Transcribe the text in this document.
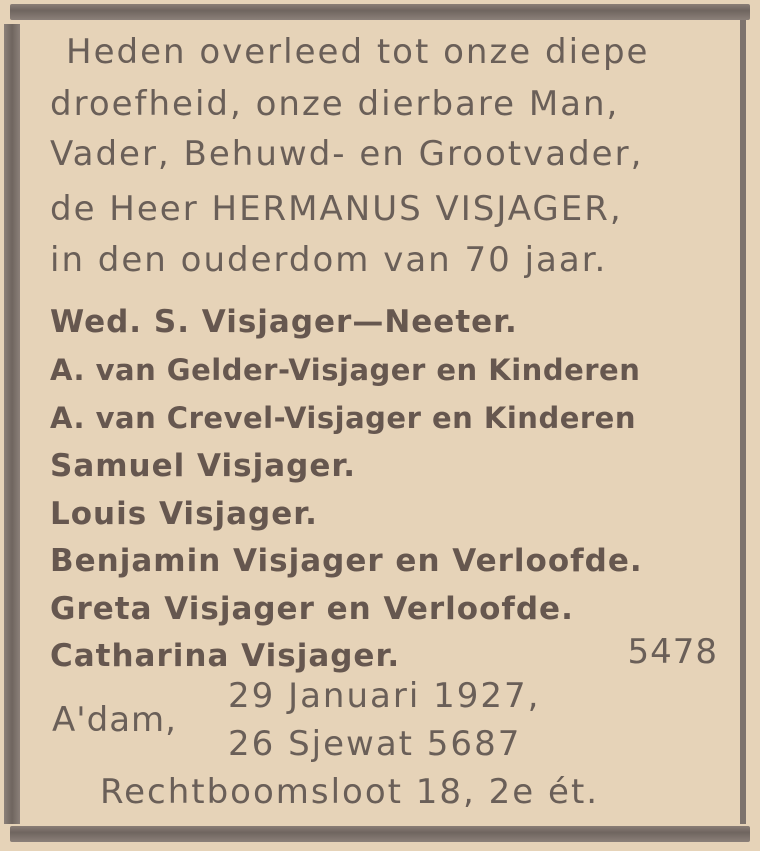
Heden overleed tot onze diepe
droefheid, onze dierbare Man,
Vader, Behuwd- en Grootvader,
de Heer HERMANUS VISJAGER,
in den ouderdom van 70 jaar.
Wed. S. Visjager—Neeter.
A. van Gelder-Visjager en Kinderen
A. van Crevel-Visjager en Kinderen
Samuel Visjager.
Louis Visjager.
Benjamin Visjager en Verloofde.
Greta Visjager en Verloofde.
Catharina Visjager.	5478
A'dam,
29 Januari 1927,
26 Sjewat 5687
Rechtboomsloot 18, 2e ét.
